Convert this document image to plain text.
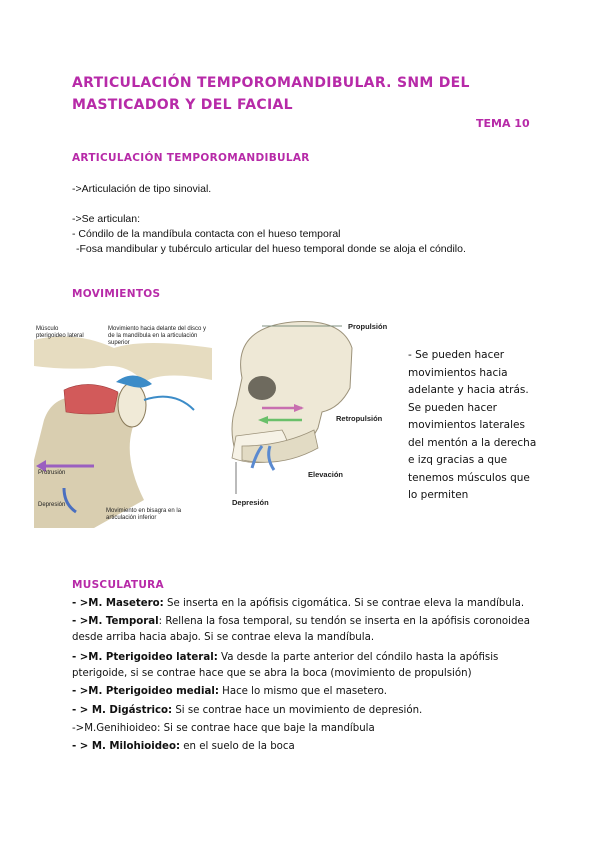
ARTICULACIÓN TEMPOROMANDIBULAR. SNM DEL MASTICADOR Y DEL FACIAL
TEMA 10
ARTICULACIÓN TEMPOROMANDIBULAR
->Articulación de tipo sinovial.
->Se articulan:
- Cóndilo de la mandíbula contacta con el hueso temporal
-Fosa mandibular y tubérculo articular del hueso temporal donde se aloja el cóndilo.
MOVIMIENTOS
Músculo pterigoideo lateral
Movimiento hacia delante del disco y de la mandíbula en la articulación superior
Protrusión
Depresión
Movimiento en bisagra en la articulación inferior
Propulsión
Retropulsión
Elevación
Depresión
- Se pueden hacer movimientos hacia adelante y hacia atrás. Se pueden hacer movimientos laterales del mentón a la derecha e izq gracias a que tenemos músculos que lo permiten
MUSCULATURA
- >M. Masetero: Se inserta en la apófisis cigomática. Si se contrae eleva la mandíbula.
- >M. Temporal: Rellena la fosa temporal, su tendón se inserta en la apófisis coronoidea desde arriba hacia abajo. Si se contrae eleva la mandíbula.
- >M. Pterigoideo lateral: Va desde la parte anterior del cóndilo hasta la apófisis pterigoide, si se contrae hace que se abra la boca (movimiento de propulsión)
- >M. Pterigoideo medial: Hace lo mismo que el masetero.
- > M. Digástrico: Si se contrae hace un movimiento de depresión.
->M.Genihioideo: Si se contrae hace que baje la mandíbula
- > M. Milohioideo: en el suelo de la boca
